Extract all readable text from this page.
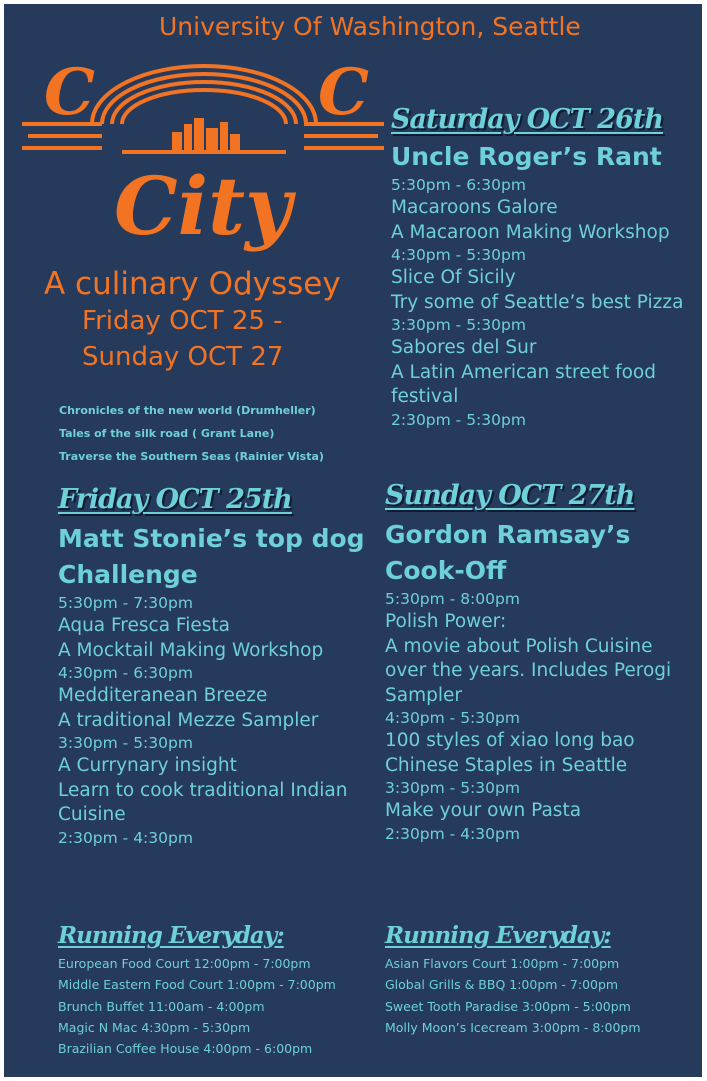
University Of Washington, Seattle
C	C
City
A culinary Odyssey
Friday OCT 25 -
Sunday OCT 27
Chronicles of the new world (Drumheller)
Tales of the silk road ( Grant Lane)
Traverse the Southern Seas (Rainier Vista)
Saturday OCT 26th
Uncle Roger’s Rant
5:30pm - 6:30pm
Macaroons Galore
A Macaroon Making Workshop
4:30pm - 5:30pm
Slice Of Sicily
Try some of Seattle’s best Pizza
3:30pm - 5:30pm
Sabores del Sur
A Latin American street food
festival
2:30pm - 5:30pm
Friday OCT 25th
Matt Stonie’s top dog
Challenge
5:30pm - 7:30pm
Aqua Fresca Fiesta
A Mocktail Making Workshop
4:30pm - 6:30pm
Medditeranean Breeze
A traditional Mezze Sampler
3:30pm - 5:30pm
A Currynary insight
Learn to cook traditional Indian
Cuisine
2:30pm - 4:30pm
Sunday OCT 27th
Gordon Ramsay’s
Cook-Off
5:30pm - 8:00pm
Polish Power:
A movie about Polish Cuisine
over the years. Includes Perogi
Sampler
4:30pm - 5:30pm
100 styles of xiao long bao
Chinese Staples in Seattle
3:30pm - 5:30pm
Make your own Pasta
2:30pm - 4:30pm
Running Everyday:
European Food Court 12:00pm - 7:00pm
Middle Eastern Food Court 1:00pm - 7:00pm
Brunch Buffet 11:00am - 4:00pm
Magic N Mac 4:30pm - 5:30pm
Brazilian Coffee House 4:00pm - 6:00pm
Running Everyday:
Asian Flavors Court 1:00pm - 7:00pm
Global Grills & BBQ 1:00pm - 7:00pm
Sweet Tooth Paradise 3:00pm - 5:00pm
Molly Moon’s Icecream 3:00pm - 8:00pm
